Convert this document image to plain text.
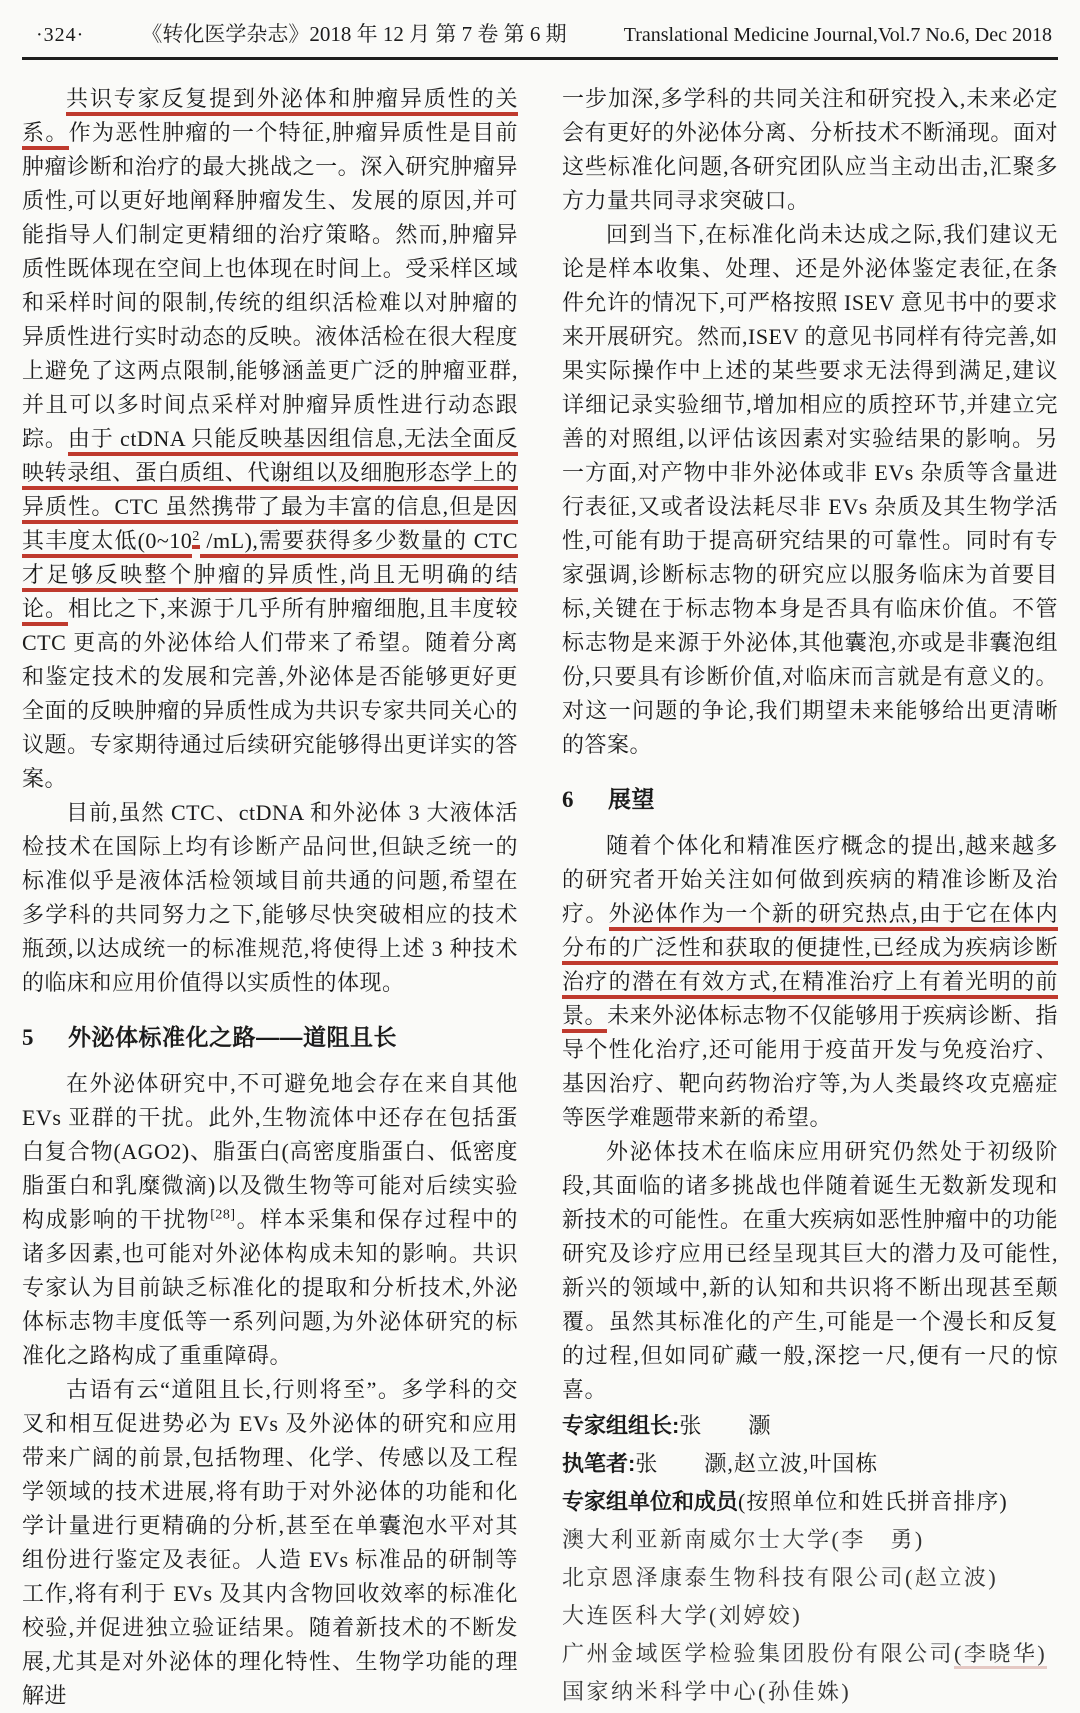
·324·	《转化医学杂志》2018 年 12 月 第 7 卷 第 6 期	Translational Medicine Journal,Vol.7 No.6, Dec 2018

共识专家反复提到外泌体和肿瘤异质性的关系。作为恶性肿瘤的一个特征,肿瘤异质性是目前肿瘤诊断和治疗的最大挑战之一。深入研究肿瘤异质性,可以更好地阐释肿瘤发生、发展的原因,并可能指导人们制定更精细的治疗策略。然而,肿瘤异质性既体现在空间上也体现在时间上。受采样区域和采样时间的限制,传统的组织活检难以对肿瘤的异质性进行实时动态的反映。液体活检在很大程度上避免了这两点限制,能够涵盖更广泛的肿瘤亚群,并且可以多时间点采样对肿瘤异质性进行动态跟踪。由于 ctDNA 只能反映基因组信息,无法全面反映转录组、蛋白质组、代谢组以及细胞形态学上的异质性。CTC 虽然携带了最为丰富的信息,但是因其丰度太低($0\sim 10^2$ /mL),需要获得多少数量的 CTC 才足够反映整个肿瘤的异质性,尚且无明确的结论。相比之下,来源于几乎所有肿瘤细胞,且丰度较 CTC 更高的外泌体给人们带来了希望。随着分离和鉴定技术的发展和完善,外泌体是否能够更好更全面的反映肿瘤的异质性成为共识专家共同关心的议题。专家期待通过后续研究能够得出更详实的答案。

目前,虽然 CTC、ctDNA 和外泌体 3 大液体活检技术在国际上均有诊断产品问世,但缺乏统一的标准似乎是液体活检领域目前共通的问题,希望在多学科的共同努力之下,能够尽快突破相应的技术瓶颈,以达成统一的标准规范,将使得上述 3 种技术的临床和应用价值得以实质性的体现。

5 外泌体标准化之路——道阻且长

在外泌体研究中,不可避免地会存在来自其他 EVs 亚群的干扰。此外,生物流体中还存在包括蛋白复合物(AGO2)、脂蛋白(高密度脂蛋白、低密度脂蛋白和乳糜微滴)以及微生物等可能对后续实验构成影响的干扰物[28]。样本采集和保存过程中的诸多因素,也可能对外泌体构成未知的影响。共识专家认为目前缺乏标准化的提取和分析技术,外泌体标志物丰度低等一系列问题,为外泌体研究的标准化之路构成了重重障碍。

古语有云“道阻且长,行则将至”。多学科的交叉和相互促进势必为 EVs 及外泌体的研究和应用带来广阔的前景,包括物理、化学、传感以及工程学领域的技术进展,将有助于对外泌体的功能和化学计量进行更精确的分析,甚至在单囊泡水平对其组份进行鉴定及表征。人造 EVs 标准品的研制等工作,将有利于 EVs 及其内含物回收效率的标准化校验,并促进独立验证结果。随着新技术的不断发展,尤其是对外泌体的理化特性、生物学功能的理解进

一步加深,多学科的共同关注和研究投入,未来必定会有更好的外泌体分离、分析技术不断涌现。面对这些标准化问题,各研究团队应当主动出击,汇聚多方力量共同寻求突破口。

回到当下,在标准化尚未达成之际,我们建议无论是样本收集、处理、还是外泌体鉴定表征,在条件允许的情况下,可严格按照 ISEV 意见书中的要求来开展研究。然而,ISEV 的意见书同样有待完善,如果实际操作中上述的某些要求无法得到满足,建议详细记录实验细节,增加相应的质控环节,并建立完善的对照组,以评估该因素对实验结果的影响。另一方面,对产物中非外泌体或非 EVs 杂质等含量进行表征,又或者设法耗尽非 EVs 杂质及其生物学活性,可能有助于提高研究结果的可靠性。同时有专家强调,诊断标志物的研究应以服务临床为首要目标,关键在于标志物本身是否具有临床价值。不管标志物是来源于外泌体,其他囊泡,亦或是非囊泡组份,只要具有诊断价值,对临床而言就是有意义的。对这一问题的争论,我们期望未来能够给出更清晰的答案。

6 展望

随着个体化和精准医疗概念的提出,越来越多的研究者开始关注如何做到疾病的精准诊断及治疗。外泌体作为一个新的研究热点,由于它在体内分布的广泛性和获取的便捷性,已经成为疾病诊断治疗的潜在有效方式,在精准治疗上有着光明的前景。未来外泌体标志物不仅能够用于疾病诊断、指导个性化治疗,还可能用于疫苗开发与免疫治疗、基因治疗、靶向药物治疗等,为人类最终攻克癌症等医学难题带来新的希望。

外泌体技术在临床应用研究仍然处于初级阶段,其面临的诸多挑战也伴随着诞生无数新发现和新技术的可能性。在重大疾病如恶性肿瘤中的功能研究及诊疗应用已经呈现其巨大的潜力及可能性,新兴的领域中,新的认知和共识将不断出现甚至颠覆。虽然其标准化的产生,可能是一个漫长和反复的过程,但如同矿藏一般,深挖一尺,便有一尺的惊喜。

专家组组长:张　　灏
执笔者:张　　灏,赵立波,叶国栋
专家组单位和成员(按照单位和姓氏拼音排序)
澳大利亚新南威尔士大学(李　勇)
北京恩泽康泰生物科技有限公司(赵立波)
大连医科大学(刘婷姣)
广州金域医学检验集团股份有限公司(李晓华)
国家纳米科学中心(孙佳姝)
